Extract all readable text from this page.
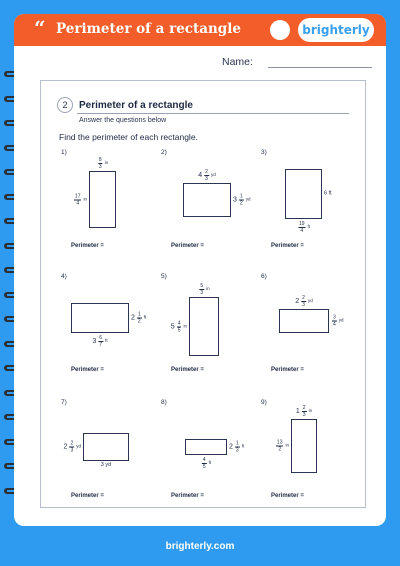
“ Perimeter of a rectangle	brighterly
Name:
2	Perimeter of a rectangle
Answer the questions below
Find the perimeter of each rectangle.
1)
$\frac{8}{3}$ in
$\frac{17}{4}$ in
Perimeter =
2)
$4 \frac{2}{3}$ yd
$3 \frac{1}{2}$ yd
Perimeter =
3)
$\frac{19}{4}$ ft
6 ft
Perimeter =
4)
$3 \frac{6}{7}$ ft
$2 \frac{1}{2}$ ft
Perimeter =
5)
$\frac{5}{3}$ in
$5 \frac{4}{5}$ in
Perimeter =
6)
$2 \frac{2}{3}$ yd
$\frac{3}{4}$ yd
Perimeter =
7)
3 yd
$2 \frac{2}{3}$ yd
Perimeter =
8)
$\frac{4}{5}$ ft
$2 \frac{1}{3}$ ft
Perimeter =
9)
$1 \frac{2}{3}$ in
$\frac{13}{2}$ in
Perimeter =
brighterly.com
